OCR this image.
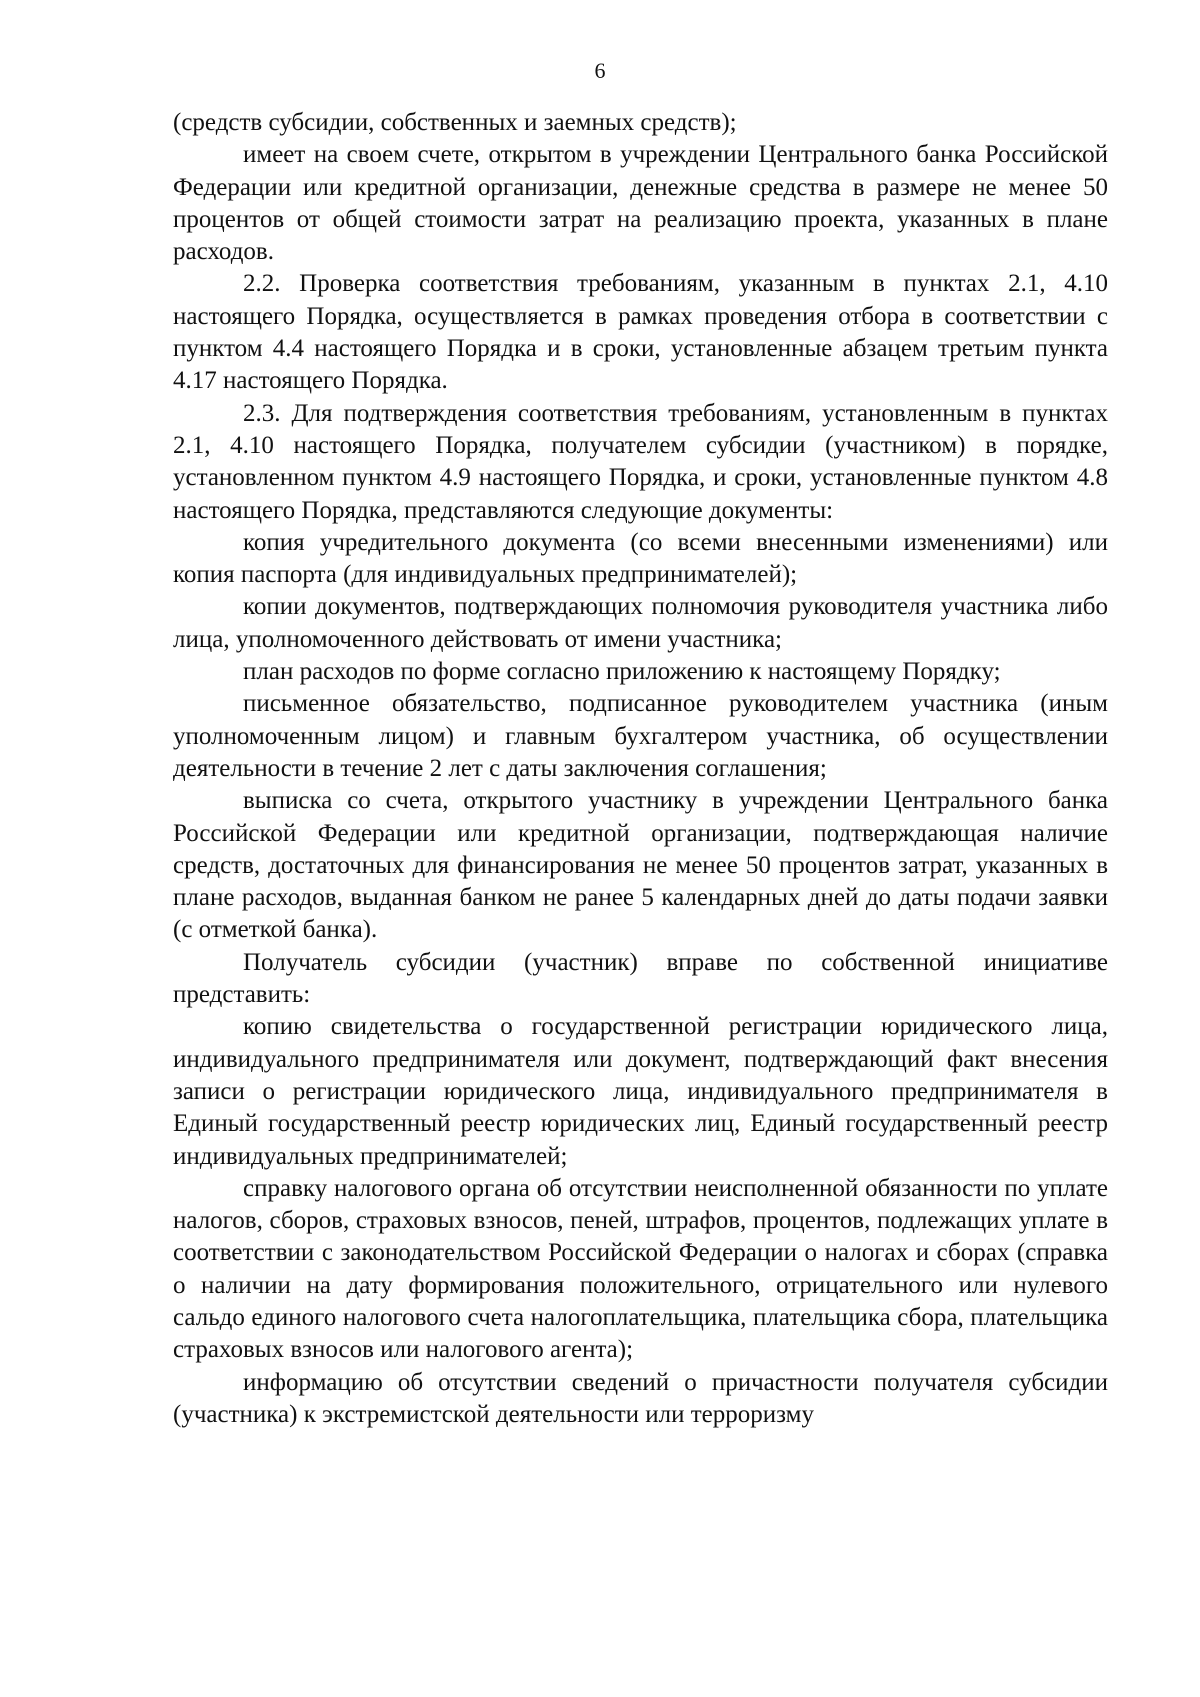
6

(средств субсидии, собственных и заемных средств);

имеет на своем счете, открытом в учреждении Центрального банка Российской Федерации или кредитной организации, денежные средства в размере не менее 50 процентов от общей стоимости затрат на реализацию проекта, указанных в плане расходов.

2.2. Проверка соответствия требованиям, указанным в пунктах 2.1, 4.10 настоящего Порядка, осуществляется в рамках проведения отбора в соответствии с пунктом 4.4 настоящего Порядка и в сроки, установленные абзацем третьим пункта 4.17 настоящего Порядка.

2.3. Для подтверждения соответствия требованиям, установленным в пунктах 2.1, 4.10 настоящего Порядка, получателем субсидии (участником) в порядке, установленном пунктом 4.9 настоящего Порядка, и сроки, установленные пунктом 4.8 настоящего Порядка, представляются следующие документы:

копия учредительного документа (со всеми внесенными изменениями) или копия паспорта (для индивидуальных предпринимателей);

копии документов, подтверждающих полномочия руководителя участника либо лица, уполномоченного действовать от имени участника;

план расходов по форме согласно приложению к настоящему Порядку;

письменное обязательство, подписанное руководителем участника (иным уполномоченным лицом) и главным бухгалтером участника, об осуществлении деятельности в течение 2 лет с даты заключения соглашения;

выписка со счета, открытого участнику в учреждении Центрального банка Российской Федерации или кредитной организации, подтверждающая наличие средств, достаточных для финансирования не менее 50 процентов затрат, указанных в плане расходов, выданная банком не ранее 5 календарных дней до даты подачи заявки (с отметкой банка).

Получатель субсидии (участник) вправе по собственной инициативе представить:

копию свидетельства о государственной регистрации юридического лица, индивидуального предпринимателя или документ, подтверждающий факт внесения записи о регистрации юридического лица, индивидуального предпринимателя в Единый государственный реестр юридических лиц, Единый государственный реестр индивидуальных предпринимателей;

справку налогового органа об отсутствии неисполненной обязанности по уплате налогов, сборов, страховых взносов, пеней, штрафов, процентов, подлежащих уплате в соответствии с законодательством Российской Федерации о налогах и сборах (справка о наличии на дату формирования положительного, отрицательного или нулевого сальдо единого налогового счета налогоплательщика, плательщика сбора, плательщика страховых взносов или налогового агента);

информацию об отсутствии сведений о причастности получателя субсидии (участника) к экстремистской деятельности или терроризму
